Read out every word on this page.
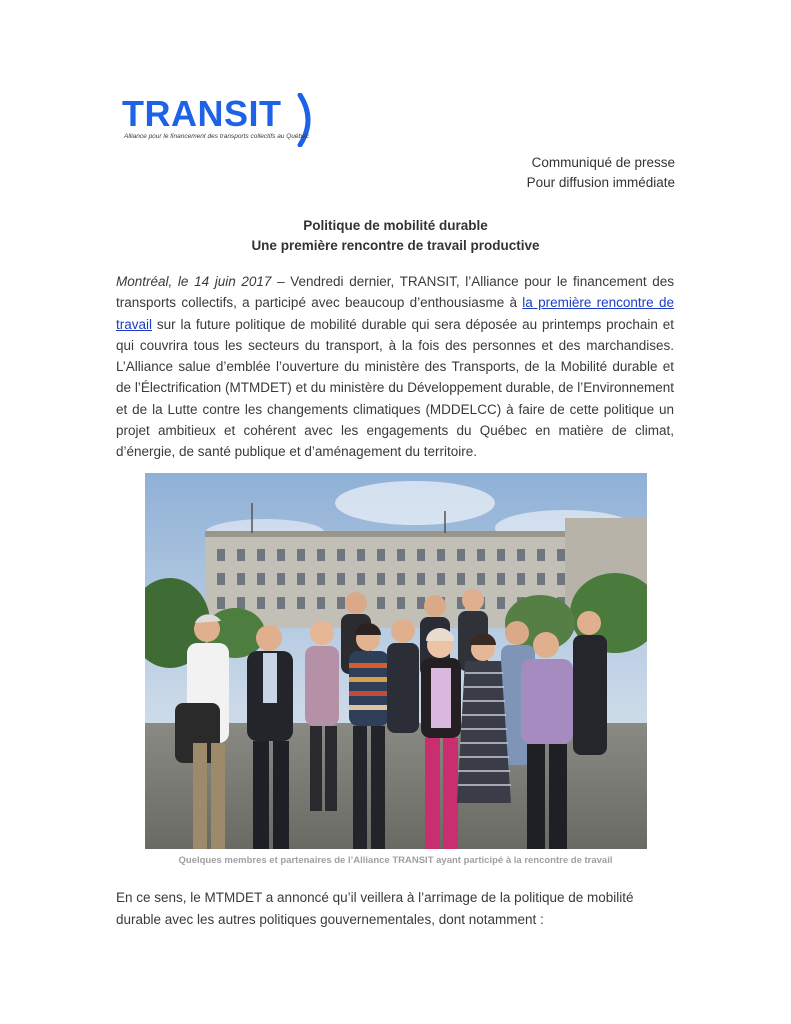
TRANSIT
Alliance pour le financement des transports collectifs au Québec
Communiqué de presse
Pour diffusion immédiate
Politique de mobilité durable
Une première rencontre de travail productive
Montréal, le 14 juin 2017 – Vendredi dernier, TRANSIT, l’Alliance pour le financement des transports collectifs, a participé avec beaucoup d’enthousiasme à la première rencontre de travail sur la future politique de mobilité durable qui sera déposée au printemps prochain et qui couvrira tous les secteurs du transport, à la fois des personnes et des marchandises. L’Alliance salue d’emblée l’ouverture du ministère des Transports, de la Mobilité durable et de l’Électrification (MTMDET) et du ministère du Développement durable, de l’Environnement et de la Lutte contre les changements climatiques (MDDELCC) à faire de cette politique un projet ambitieux et cohérent avec les engagements du Québec en matière de climat, d’énergie, de santé publique et d’aménagement du territoire.
Quelques membres et partenaires de l’Alliance TRANSIT ayant participé à la rencontre de travail
En ce sens, le MTMDET a annoncé qu’il veillera à l’arrimage de la politique de mobilité durable avec les autres politiques gouvernementales, dont notamment :
